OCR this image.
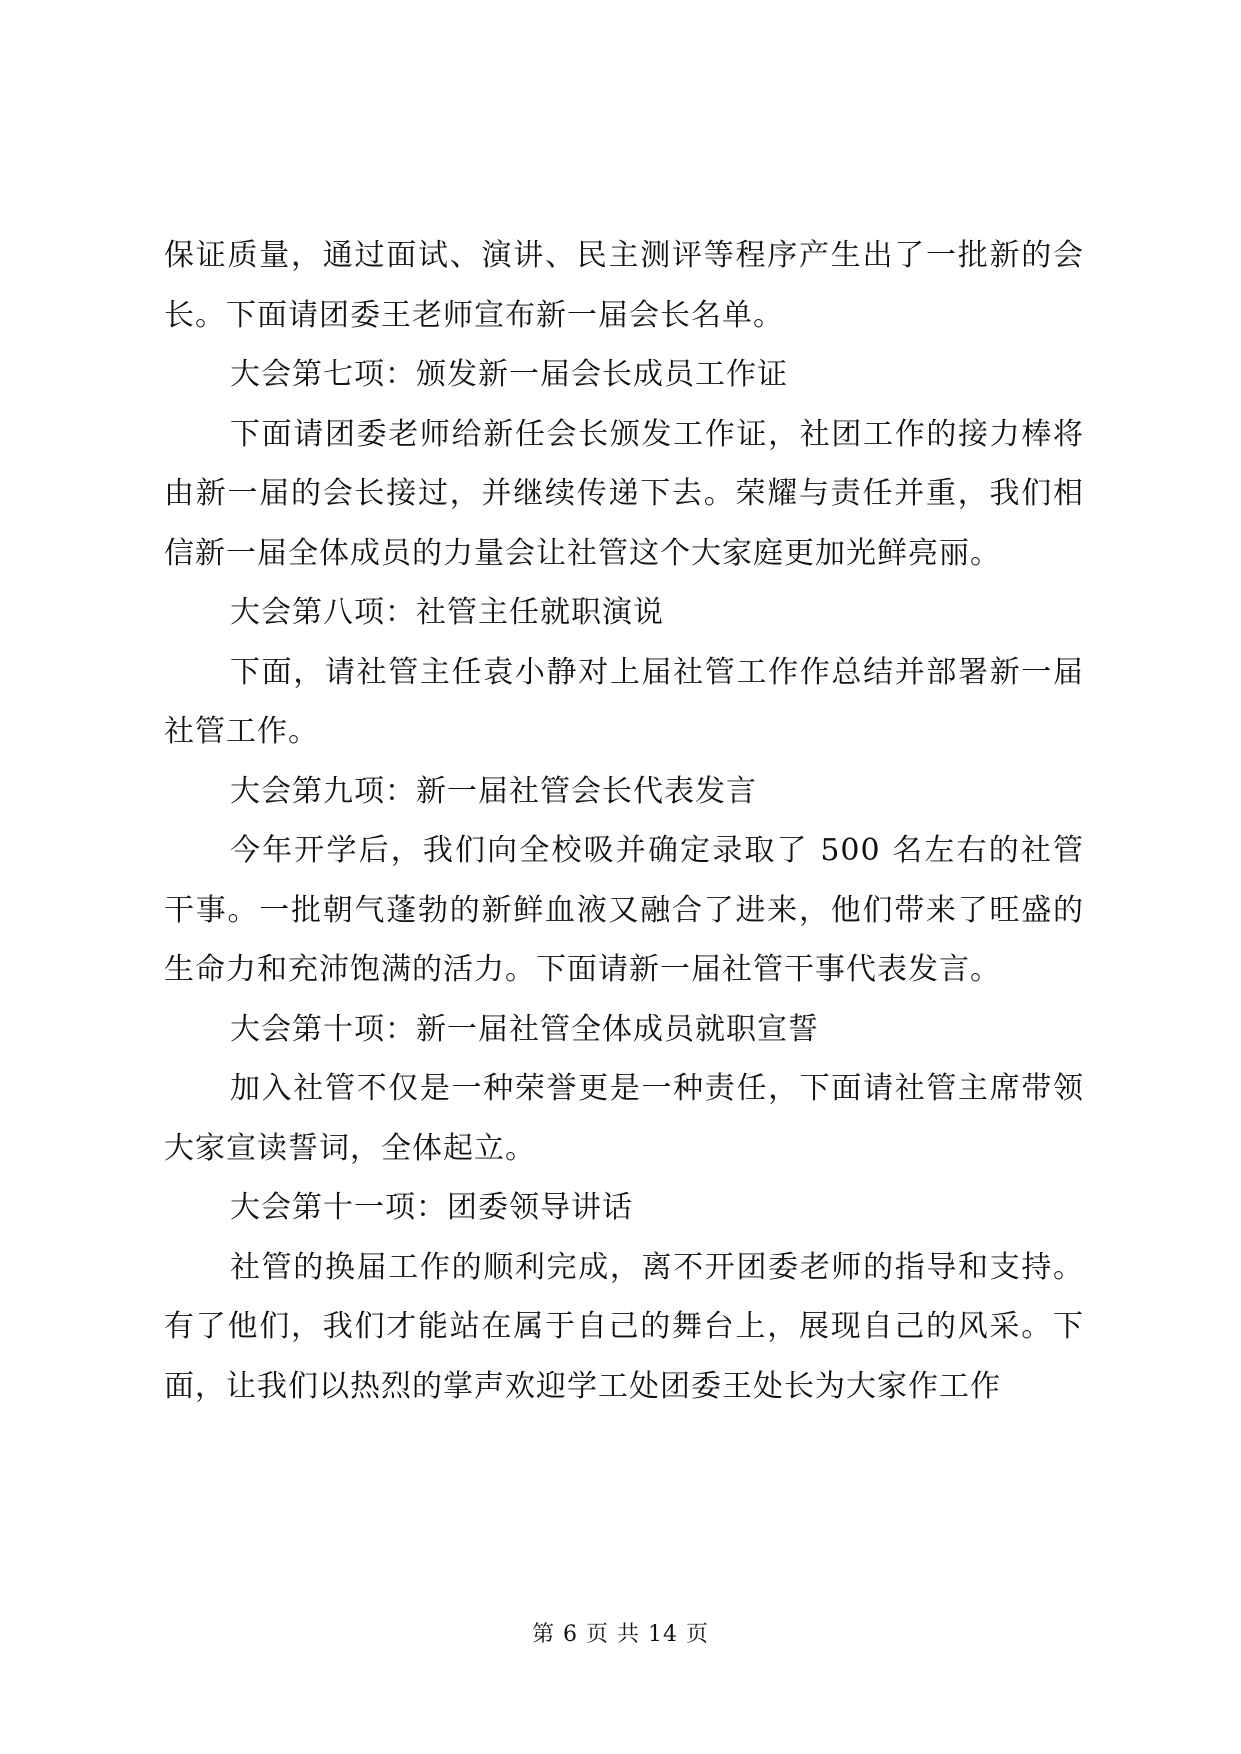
保证质量，通过面试、演讲、民主测评等程序产生出了一批新的会长。下面请团委王老师宣布新一届会长名单。

大会第七项：颁发新一届会长成员工作证

下面请团委老师给新任会长颁发工作证，社团工作的接力棒将由新一届的会长接过，并继续传递下去。荣耀与责任并重，我们相信新一届全体成员的力量会让社管这个大家庭更加光鲜亮丽。

大会第八项：社管主任就职演说

下面，请社管主任袁小静对上届社管工作作总结并部署新一届社管工作。

大会第九项：新一届社管会长代表发言

今年开学后，我们向全校吸并确定录取了 500 名左右的社管干事。一批朝气蓬勃的新鲜血液又融合了进来，他们带来了旺盛的生命力和充沛饱满的活力。下面请新一届社管干事代表发言。

大会第十项：新一届社管全体成员就职宣誓

加入社管不仅是一种荣誉更是一种责任，下面请社管主席带领大家宣读誓词，全体起立。

大会第十一项：团委领导讲话

社管的换届工作的顺利完成，离不开团委老师的指导和支持。有了他们，我们才能站在属于自己的舞台上，展现自己的风采。下面，让我们以热烈的掌声欢迎学工处团委王处长为大家作工作

第 6 页 共 14 页
